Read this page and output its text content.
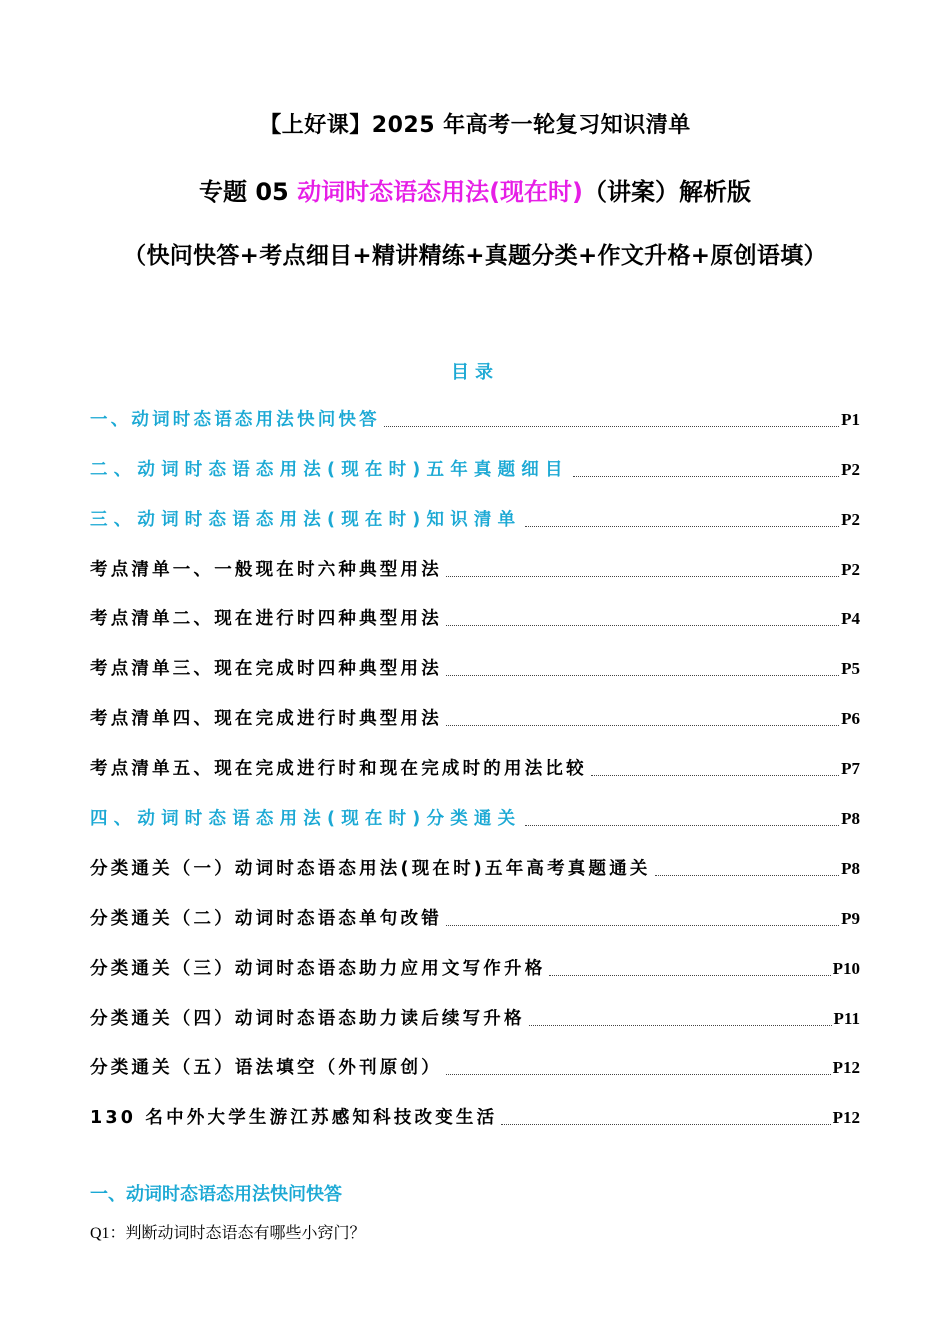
【上好课】2025 年高考一轮复习知识清单
专题 05 动词时态语态用法(现在时)（讲案）解析版
（快问快答+考点细目+精讲精练+真题分类+作文升格+原创语填）
目录
一、动词时态语态用法快问快答	P1
二、动词时态语态用法(现在时)五年真题细目	P2
三、动词时态语态用法(现在时)知识清单	P2
考点清单一、一般现在时六种典型用法	P2
考点清单二、现在进行时四种典型用法	P4
考点清单三、现在完成时四种典型用法	P5
考点清单四、现在完成进行时典型用法	P6
考点清单五、现在完成进行时和现在完成时的用法比较	P7
四、动词时态语态用法(现在时)分类通关	P8
分类通关（一）动词时态语态用法(现在时)五年高考真题通关	P8
分类通关（二）动词时态语态单句改错	P9
分类通关（三）动词时态语态助力应用文写作升格	P10
分类通关（四）动词时态语态助力读后续写升格	P11
分类通关（五）语法填空（外刊原创）	P12
130 名中外大学生游江苏感知科技改变生活	P12
一、动词时态语态用法快问快答
Q1：判断动词时态语态有哪些小窍门？
